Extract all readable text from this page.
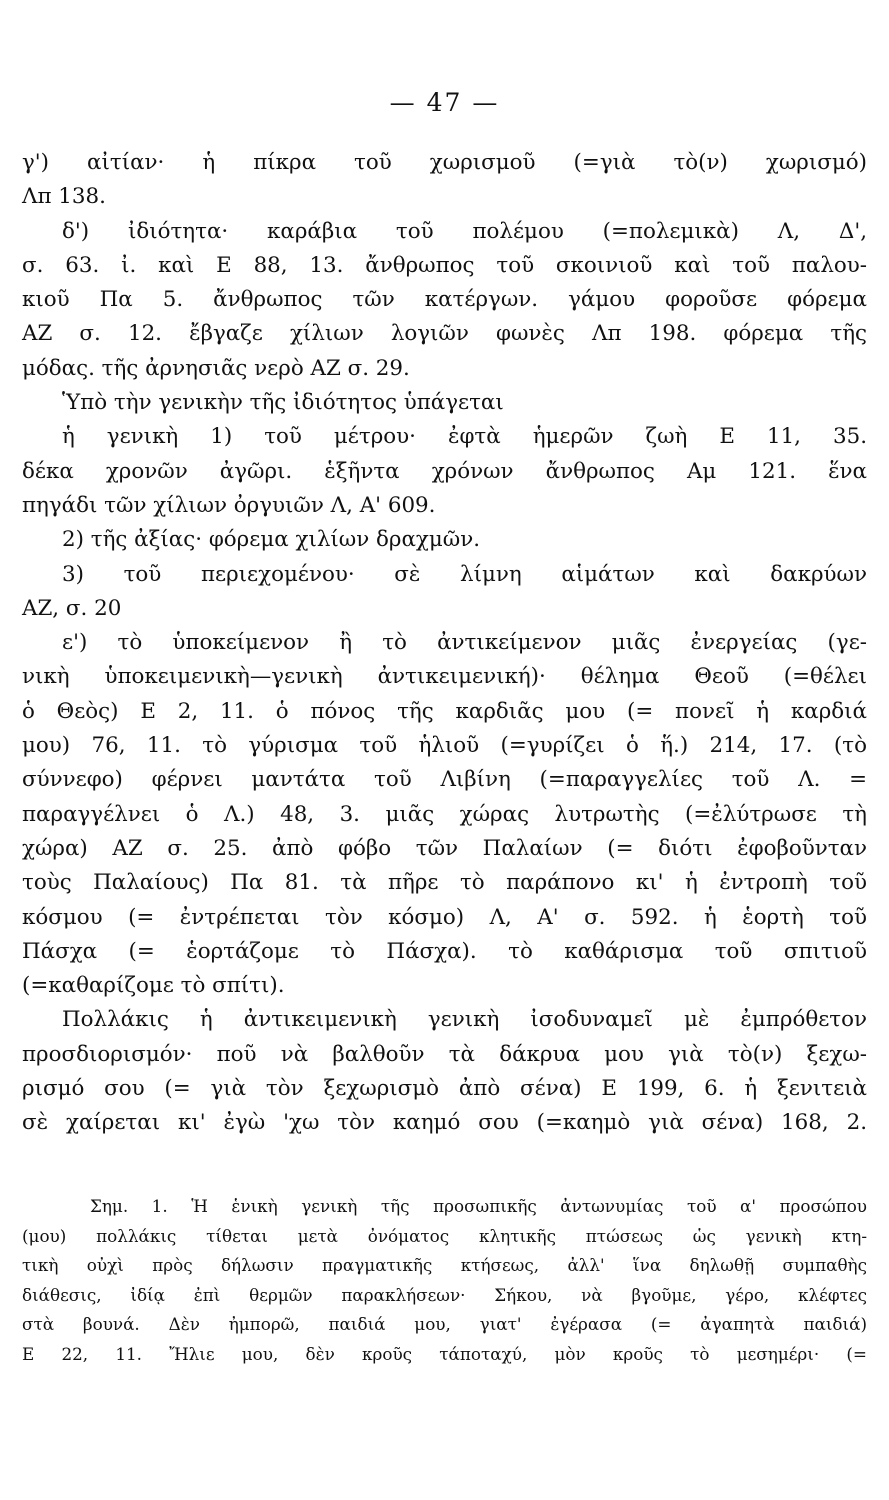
— 47 —
γ') αἰτίαν· ἡ πίκρα τοῦ χωρισμοῦ (=γιὰ τὸ(ν) χωρισμό)
Λπ 138.
δ') ἰδιότητα· καράβια τοῦ πολέμου (=πολεμικὰ) Λ, Δ',
σ. 63. ἰ. καὶ Ε 88, 13. ἄνθρωπος τοῦ σκοινιοῦ καὶ τοῦ παλου-
κιοῦ Πα 5. ἄνθρωπος τῶν κατέργων. γάμου φοροῦσε φόρεμα
ΑΖ σ. 12. ἔβγαζε χίλιων λογιῶν φωνὲς Λπ 198. φόρεμα τῆς
μόδας. τῆς ἀρνησιᾶς νερὸ ΑΖ σ. 29.
Ὑπὸ τὴν γενικὴν τῆς ἰδιότητος ὑπάγεται
ἡ γενικὴ 1) τοῦ μέτρου· ἐφτὰ ἡμερῶν ζωὴ Ε 11, 35.
δέκα χρονῶν ἀγῶρι. ἑξῆντα χρόνων ἄνθρωπος Αμ 121. ἕνα
πηγάδι τῶν χίλιων ὀργυιῶν Λ, Α' 609.
2) τῆς ἀξίας· φόρεμα χιλίων δραχμῶν.
3) τοῦ περιεχομένου· σὲ λίμνη αἱμάτων καὶ δακρύων
ΑΖ, σ. 20
ε') τὸ ὑποκείμενον ἢ τὸ ἀντικείμενον μιᾶς ἐνεργείας (γε-
νικὴ ὑποκειμενικὴ—γενικὴ ἀντικειμενική)· θέλημα Θεοῦ (=θέλει
ὁ Θεὸς) Ε 2, 11. ὁ πόνος τῆς καρδιᾶς μου (= πονεῖ ἡ καρδιά
μου) 76, 11. τὸ γύρισμα τοῦ ἡλιοῦ (=γυρίζει ὁ ἥ.) 214, 17. (τὸ
σύννεφο) φέρνει μαντάτα τοῦ Λιβίνη (=παραγγελίες τοῦ Λ. =
παραγγέλνει ὁ Λ.) 48, 3. μιᾶς χώρας λυτρωτὴς (=ἐλύτρωσε τὴ
χώρα) ΑΖ σ. 25. ἀπὸ φόβο τῶν Παλαίων (= διότι ἐφοβοῦνταν
τοὺς Παλαίους) Πα 81. τὰ πῆρε τὸ παράπονο κι' ἡ ἐντροπὴ τοῦ
κόσμου (= ἐντρέπεται τὸν κόσμο) Λ, Α' σ. 592. ἡ ἑορτὴ τοῦ
Πάσχα (= ἑορτάζομε τὸ Πάσχα). τὸ καθάρισμα τοῦ σπιτιοῦ
(=καθαρίζομε τὸ σπίτι).
Πολλάκις ἡ ἀντικειμενικὴ γενικὴ ἰσοδυναμεῖ μὲ ἐμπρόθετον
προσδιορισμόν· ποῦ νὰ βαλθοῦν τὰ δάκρυα μου γιὰ τὸ(ν) ξεχω-
ρισμό σου (= γιὰ τὸν ξεχωρισμὸ ἀπὸ σένα) Ε 199, 6. ἡ ξενιτειὰ
σὲ χαίρεται κι' ἐγὼ 'χω τὸν καημό σου (=καημὸ γιὰ σένα) 168, 2.
Σημ. 1. Ἡ ἑνικὴ γενικὴ τῆς προσωπικῆς ἀντωνυμίας τοῦ α' προσώπου
(μου) πολλάκις τίθεται μετὰ ὀνόματος κλητικῆς πτώσεως ὡς γενικὴ κτη-
τικὴ οὐχὶ πρὸς δήλωσιν πραγματικῆς κτήσεως, ἀλλ' ἵνα δηλωθῇ συμπαθὴς
διάθεσις, ἰδίᾳ ἐπὶ θερμῶν παρακλήσεων· Σήκου, νὰ βγοῦμε, γέρο, κλέφτες
στὰ βουνά. Δὲν ἠμπορῶ, παιδιά μου, γιατ' ἐγέρασα (= ἀγαπητὰ παιδιά)
Ε 22, 11. Ἤλιε μου, δὲν κροῦς τάποταχύ, μὸν κροῦς τὸ μεσημέρι· (=
